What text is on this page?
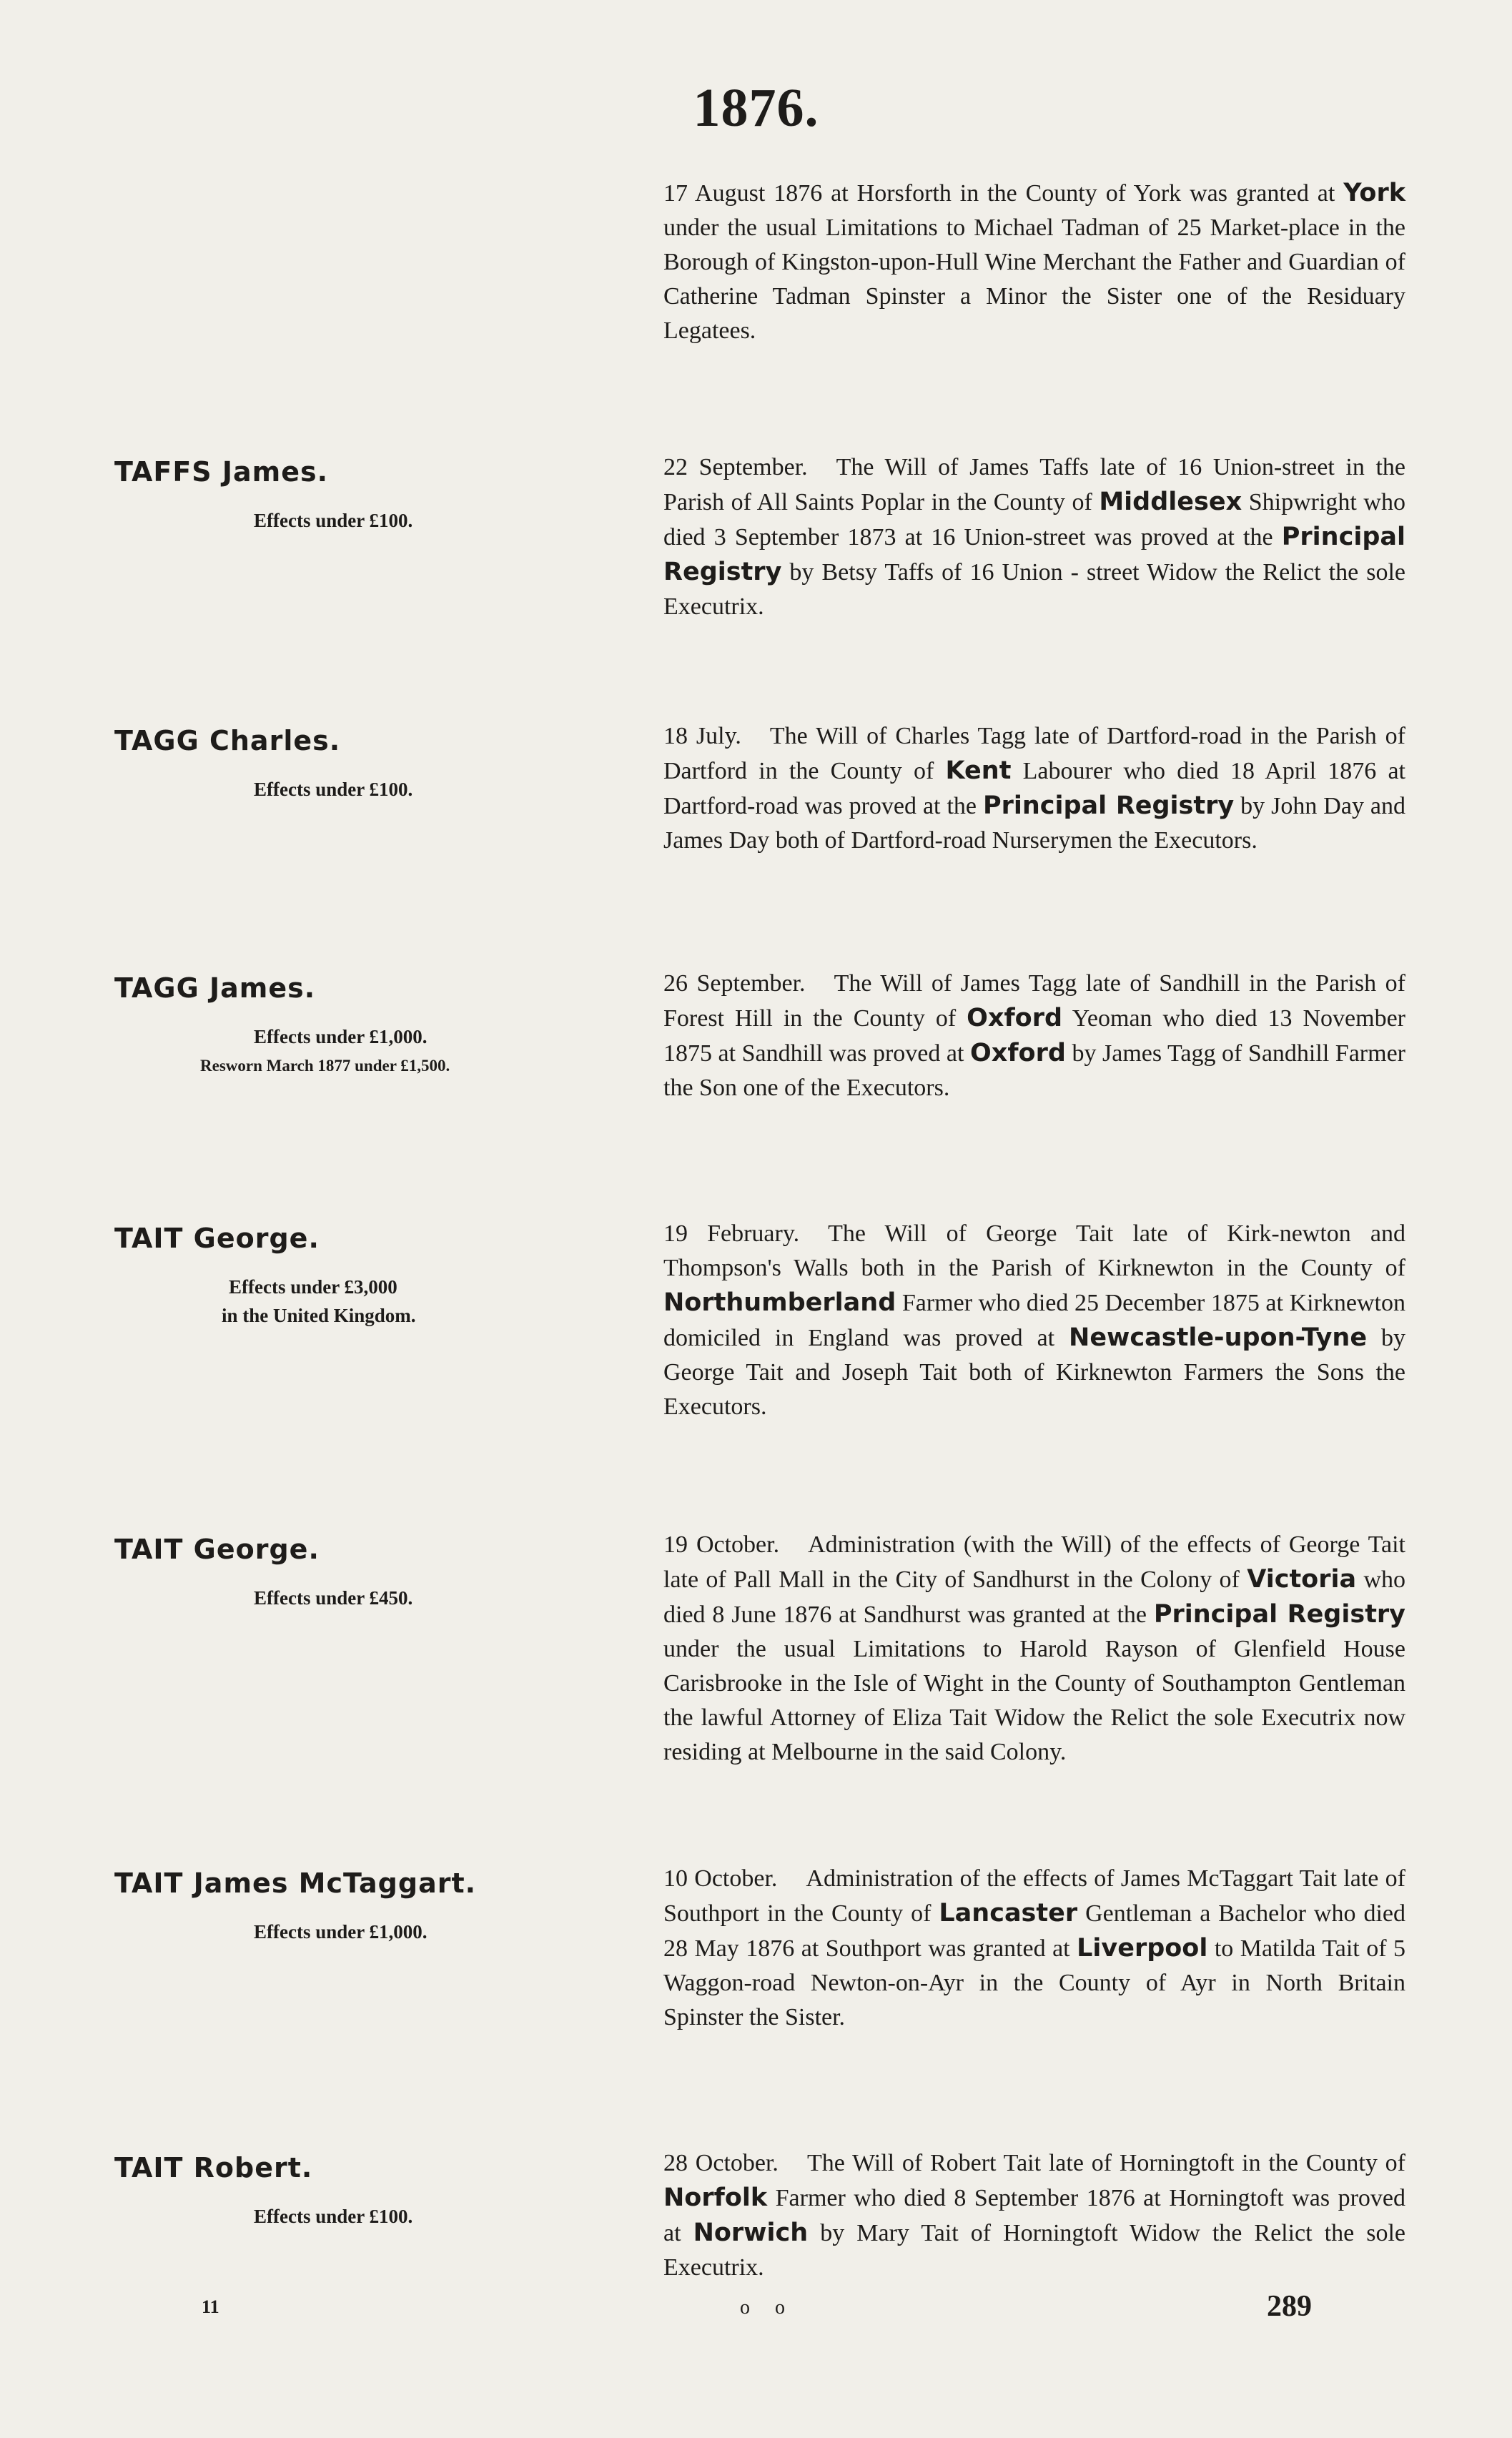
1876.
17 August 1876 at Horsforth in the County of York was granted at York under the usual Limitations to Michael Tadman of 25 Market-place in the Borough of Kingston-upon-Hull Wine Merchant the Father and Guardian of Catherine Tadman Spinster a Minor the Sister one of the Residuary Legatees.
TAFFS James.
Effects under £100.
22 September. The Will of James Taffs late of 16 Union-street in the Parish of All Saints Poplar in the County of Middlesex Shipwright who died 3 September 1873 at 16 Union-street was proved at the Principal Registry by Betsy Taffs of 16 Union - street Widow the Relict the sole Executrix.
TAGG Charles.
Effects under £100.
18 July. The Will of Charles Tagg late of Dartford-road in the Parish of Dartford in the County of Kent Labourer who died 18 April 1876 at Dartford-road was proved at the Principal Registry by John Day and James Day both of Dartford-road Nurserymen the Executors.
TAGG James.
Effects under £1,000.
Resworn March 1877 under £1,500.
26 September. The Will of James Tagg late of Sandhill in the Parish of Forest Hill in the County of Oxford Yeoman who died 13 November 1875 at Sandhill was proved at Oxford by James Tagg of Sandhill Farmer the Son one of the Executors.
TAIT George.
Effects under £3,000
in the United Kingdom.
19 February. The Will of George Tait late of Kirk-newton and Thompson's Walls both in the Parish of Kirknewton in the County of Northumberland Farmer who died 25 December 1875 at Kirknewton domiciled in England was proved at Newcastle-upon-Tyne by George Tait and Joseph Tait both of Kirknewton Farmers the Sons the Executors.
TAIT George.
Effects under £450.
19 October. Administration (with the Will) of the effects of George Tait late of Pall Mall in the City of Sandhurst in the Colony of Victoria who died 8 June 1876 at Sandhurst was granted at the Principal Registry under the usual Limitations to Harold Rayson of Glenfield House Carisbrooke in the Isle of Wight in the County of Southampton Gentleman the lawful Attorney of Eliza Tait Widow the Relict the sole Executrix now residing at Melbourne in the said Colony.
TAIT James McTaggart.
Effects under £1,000.
10 October. Administration of the effects of James McTaggart Tait late of Southport in the County of Lancaster Gentleman a Bachelor who died 28 May 1876 at Southport was granted at Liverpool to Matilda Tait of 5 Waggon-road Newton-on-Ayr in the County of Ayr in North Britain Spinster the Sister.
TAIT Robert.
Effects under £100.
28 October. The Will of Robert Tait late of Horningtoft in the County of Norfolk Farmer who died 8 September 1876 at Horningtoft was proved at Norwich by Mary Tait of Horningtoft Widow the Relict the sole Executrix.
11	o o	289
